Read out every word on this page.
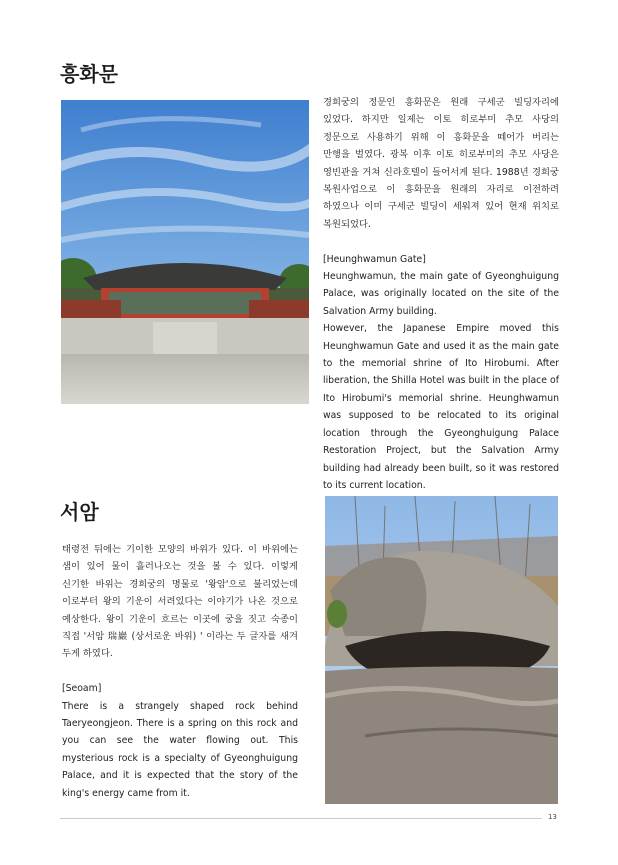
흥화문

경희궁의 정문인 흥화문은 원래 구세군 빌딩자리에 있었다. 하지만 일제는 이토 히로부미 추모 사당의 정문으로 사용하기 위해 이 흥화문을 떼어가 버리는 만행을 벌였다. 광복 이후 이토 히로부미의 추모 사당은 영빈관을 거쳐 신라호텔이 들어서게 된다. 1988년 경희궁 복원사업으로 이 흥화문을 원래의 자리로 이전하려 하였으나 이미 구세군 빌딩이 세워져 있어 현재 위치로 복원되었다.

[Heunghwamun Gate]

Heunghwamun, the main gate of Gyeonghuigung Palace, was originally located on the site of the Salvation Army building.

However, the Japanese Empire moved this Heunghwamun Gate and used it as the main gate to the memorial shrine of Ito Hirobumi. After liberation, the Shilla Hotel was built in the place of Ito Hirobumi's memorial shrine. Heunghwamun was supposed to be relocated to its original location through the Gyeonghuigung Palace Restoration Project, but the Salvation Army building had already been built, so it was restored to its current location.

서암

태령전 뒤에는 기이한 모양의 바위가 있다. 이 바위에는 샘이 있어 물이 흘러나오는 것을 볼 수 있다. 이렇게 신기한 바위는 경희궁의 명물로 '왕암'으로 불리었는데 이로부터 왕의 기운이 서려있다는 이야기가 나온 것으로 예상한다. 왕이 기운이 흐르는 이곳에 궁을 짓고 숙종이 직접 '서암 瑞巖 (상서로운 바위) ' 이라는 두 글자를 새겨 두게 하였다.

[Seoam]

There is a strangely shaped rock behind Taeryeongjeon. There is a spring on this rock and you can see the water flowing out. This mysterious rock is a specialty of Gyeonghuigung Palace, and it is expected that the story of the king's energy came from it.

13
